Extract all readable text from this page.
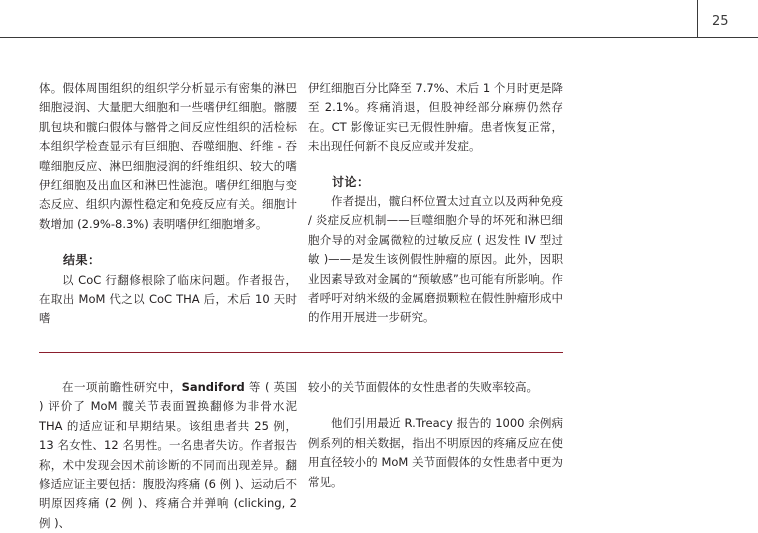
25

体。假体周围组织的组织学分析显示有密集的淋巴细胞浸润、大量肥大细胞和一些嗜伊红细胞。髂腰肌包块和髋臼假体与髂骨之间反应性组织的活检标本组织学检查显示有巨细胞、吞噬细胞、纤维 - 吞噬细胞反应、淋巴细胞浸润的纤维组织、较大的嗜伊红细胞及出血区和淋巴性滤泡。嗜伊红细胞与变态反应、组织内源性稳定和免疫反应有关。细胞计数增加 (2.9%-8.3%) 表明嗜伊红细胞增多。

结果：

以 CoC 行翻修根除了临床问题。作者报告，在取出 MoM 代之以 CoC THA 后，术后 10 天时嗜

伊红细胞百分比降至 7.7%、术后 1 个月时更是降至 2.1%。疼痛消退，但股神经部分麻痹仍然存在。CT 影像证实已无假性肿瘤。患者恢复正常，未出现任何新不良反应或并发症。

讨论：

作者提出，髋臼杯位置太过直立以及两种免疫 / 炎症反应机制——巨噬细胞介导的坏死和淋巴细胞介导的对金属微粒的过敏反应 ( 迟发性 IV 型过敏 )——是发生该例假性肿瘤的原因。此外，因职业因素导致对金属的“预敏感”也可能有所影响。作者呼吁对纳米级的金属磨损颗粒在假性肿瘤形成中的作用开展进一步研究。

在一项前瞻性研究中，Sandiford 等 ( 英国 ) 评价了 MoM 髋关节表面置换翻修为非骨水泥 THA 的适应证和早期结果。该组患者共 25 例，13 名女性、12 名男性。一名患者失访。作者报告称，术中发现会因术前诊断的不同而出现差异。翻修适应证主要包括：腹股沟疼痛 (6 例 )、运动后不明原因疼痛 (2 例 )、疼痛合并弹响 (clicking, 2 例 )、

较小的关节面假体的女性患者的失败率较高。

他们引用最近 R.Treacy 报告的 1000 余例病例系列的相关数据，指出不明原因的疼痛反应在使用直径较小的 MoM 关节面假体的女性患者中更为常见。
